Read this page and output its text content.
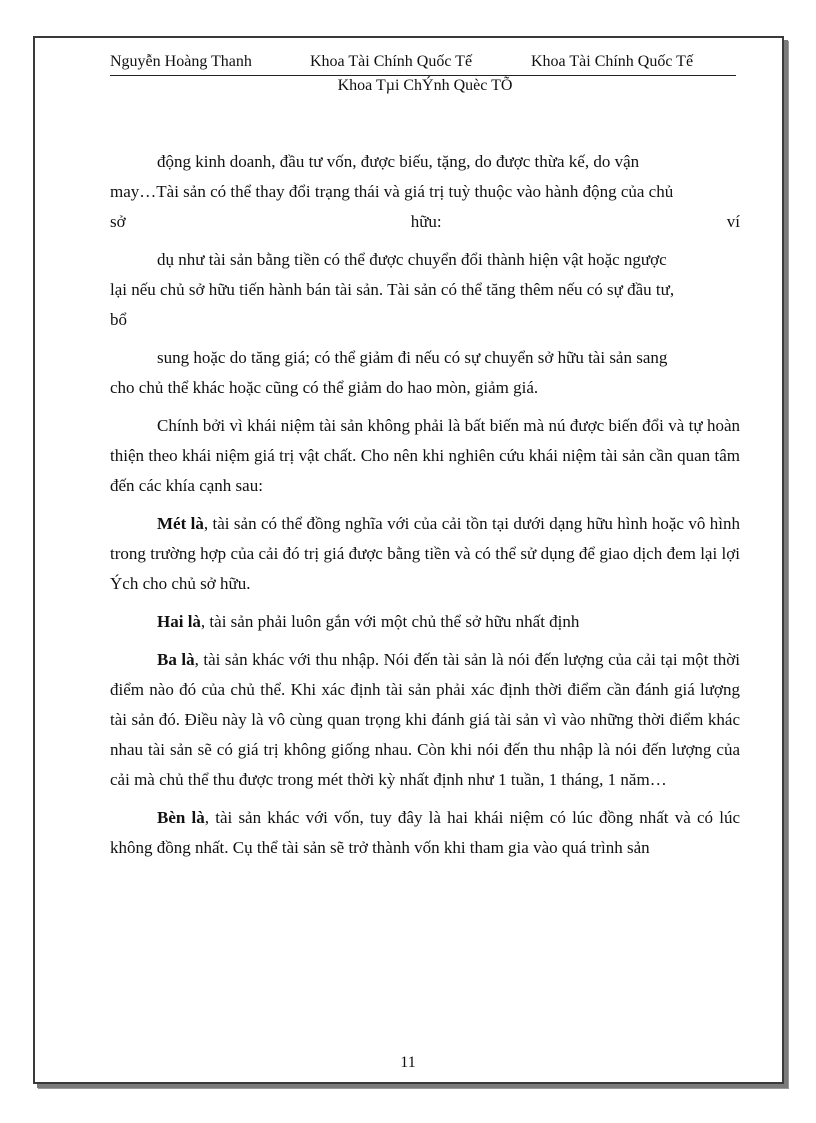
Nguyễn Hoàng Thanh	Khoa Tài Chính Quốc Tế	Khoa Tài Chính Quốc Tế
Khoa Tµi ChÝnh Quèc TÕ

động kinh doanh, đầu tư vốn, được biếu, tặng, do được thừa kế, do vận

may…Tài sản có thể thay đổi trạng thái và giá trị tuỳ thuộc vào hành động của chủ

sở	hữu:	ví

dụ như tài sản bằng tiền có thể được chuyển đổi thành hiện vật hoặc ngược

lại nếu chủ sở hữu tiến hành bán tài sản. Tài sản có thể tăng thêm nếu có sự đầu tư,

bổ

sung hoặc do tăng giá; có thể giảm đi nếu có sự chuyển sở hữu tài sản sang

cho chủ thể khác hoặc cũng có thể giảm do hao mòn, giảm giá.

Chính bởi vì khái niệm tài sản không phải là bất biến mà nú được biến đổi và tự hoàn thiện theo khái niệm giá trị vật chất. Cho nên khi nghiên cứu khái niệm tài sản cần quan tâm đến các khía cạnh sau:

Mét là, tài sản có thể đồng nghĩa với của cải tồn tại dưới dạng hữu hình hoặc vô hình trong trường hợp của cải đó trị giá được bằng tiền và có thể sử dụng để giao dịch đem lại lợi Ých cho chủ sở hữu.

Hai là, tài sản phải luôn gắn với một chủ thể sở hữu nhất định

Ba là, tài sản khác với thu nhập. Nói đến tài sản là nói đến lượng của cải tại một thời điểm nào đó của chủ thể. Khi xác định tài sản phải xác định thời điểm cần đánh giá lượng tài sản đó. Điều này là vô cùng quan trọng khi đánh giá tài sản vì vào những thời điểm khác nhau tài sản sẽ có giá trị không giống nhau. Còn khi nói đến thu nhập là nói đến lượng của cải mà chủ thể thu được trong mét thời kỳ nhất định như 1 tuần, 1 tháng, 1 năm…

Bèn là, tài sản khác với vốn, tuy đây là hai khái niệm có lúc đồng nhất và có lúc không đồng nhất. Cụ thể tài sản sẽ trở thành vốn khi tham gia vào quá trình sản

11
